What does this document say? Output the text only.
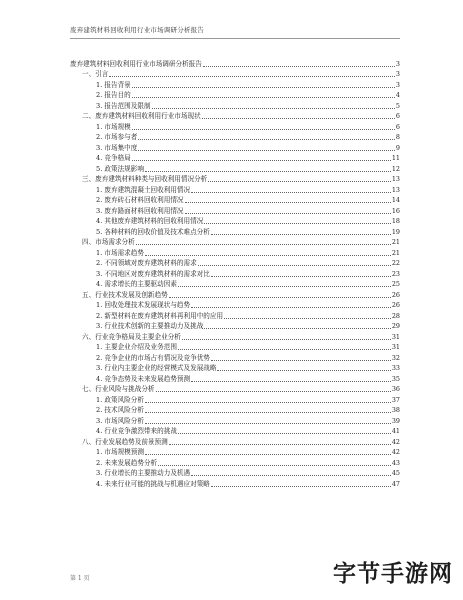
废弃建筑材料回收利用行业市场调研分析报告
废弃建筑材料回收利用行业市场调研分析报告	3
一、引言	3
1. 报告背景	3
2. 报告目的	4
3. 报告范围及限制	5
二、废弃建筑材料回收利用行业市场现状	6
1. 市场规模	6
2. 市场参与者	8
3. 市场集中度	9
4. 竞争格局	11
5. 政策法规影响	12
三、废弃建筑材料种类与回收利用情况分析	13
1. 废弃建筑混凝土回收利用情况	13
2. 废弃砖石材料回收利用情况	14
3. 废弃路面材料回收利用情况	16
4. 其他废弃建筑材料的回收利用情况	18
5. 各种材料的回收价值及技术难点分析	19
四、市场需求分析	21
1. 市场需求趋势	21
2. 不同领域对废弃建筑材料的需求	22
3. 不同地区对废弃建筑材料的需求对比	23
4. 需求增长的主要驱动因素	25
五、行业技术发展及创新趋势	26
1. 回收处理技术发展现状与趋势	26
2. 新型材料在废弃建筑材料再利用中的应用	28
3. 行业技术创新的主要推动力及挑战	29
六、行业竞争格局及主要企业分析	31
1. 主要企业介绍及业务范围	31
2. 竞争企业的市场占有情况及竞争优势	32
3. 行业内主要企业的经营模式及发展战略	33
4. 竞争态势及未来发展趋势预测	35
七、行业风险与挑战分析	36
1. 政策风险分析	37
2. 技术风险分析	38
3. 市场风险分析	39
4. 行业竞争激烈带来的挑战	41
八、行业发展趋势及前景预测	42
1. 市场规模预测	42
2. 未来发展趋势分析	43
3. 行业增长的主要推动力及机遇	45
4. 未来行业可能的挑战与机遇应对策略	47
第 1 页	字节手游网
